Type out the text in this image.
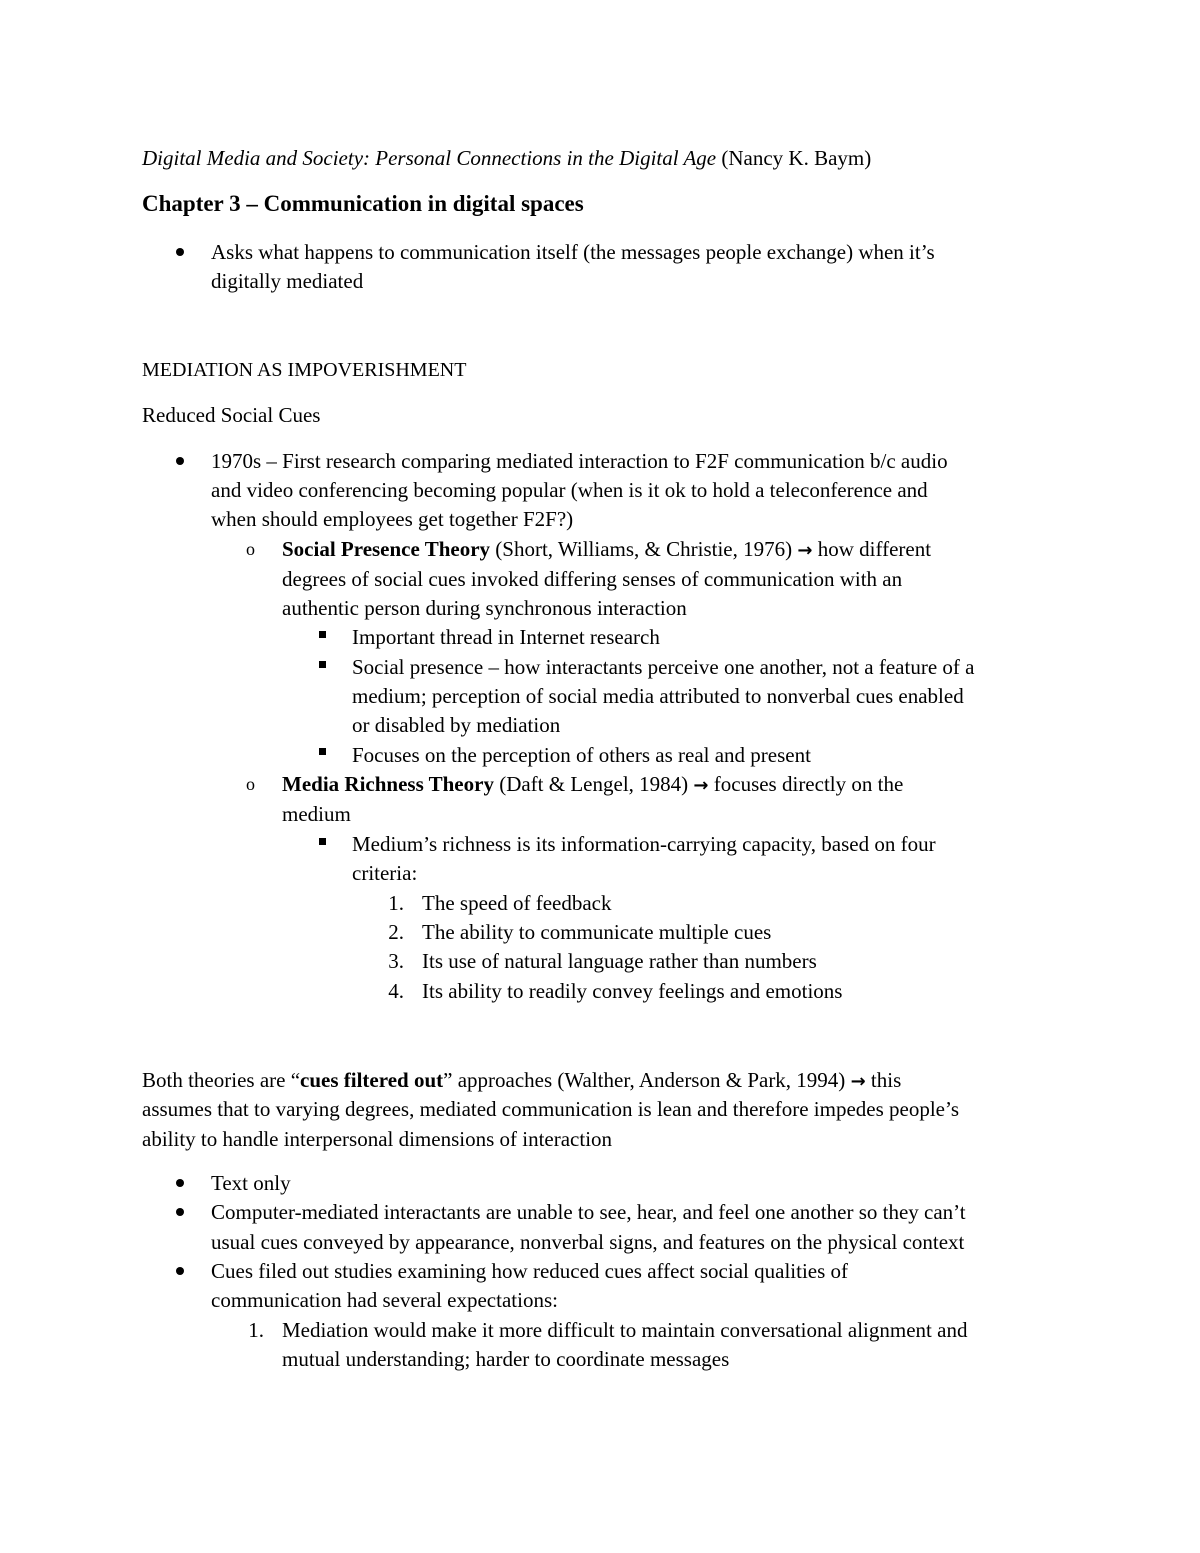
Digital Media and Society: Personal Connections in the Digital Age (Nancy K. Baym)
Chapter 3 – Communication in digital spaces
Asks what happens to communication itself (the messages people exchange) when it’s
digitally mediated
MEDIATION AS IMPOVERISHMENT
Reduced Social Cues
1970s – First research comparing mediated interaction to F2F communication b/c audio
and video conferencing becoming popular (when is it ok to hold a teleconference and
when should employees get together F2F?)
o Social Presence Theory (Short, Williams, & Christie, 1976) → how different
degrees of social cues invoked differing senses of communication with an
authentic person during synchronous interaction
Important thread in Internet research
Social presence – how interactants perceive one another, not a feature of a
medium; perception of social media attributed to nonverbal cues enabled
or disabled by mediation
Focuses on the perception of others as real and present
o Media Richness Theory (Daft & Lengel, 1984) → focuses directly on the
medium
Medium’s richness is its information-carrying capacity, based on four
criteria:
1. The speed of feedback
2. The ability to communicate multiple cues
3. Its use of natural language rather than numbers
4. Its ability to readily convey feelings and emotions
Both theories are “cues filtered out” approaches (Walther, Anderson & Park, 1994) → this
assumes that to varying degrees, mediated communication is lean and therefore impedes people’s
ability to handle interpersonal dimensions of interaction
Text only
Computer-mediated interactants are unable to see, hear, and feel one another so they can’t
usual cues conveyed by appearance, nonverbal signs, and features on the physical context
Cues filed out studies examining how reduced cues affect social qualities of
communication had several expectations:
1. Mediation would make it more difficult to maintain conversational alignment and
mutual understanding; harder to coordinate messages
